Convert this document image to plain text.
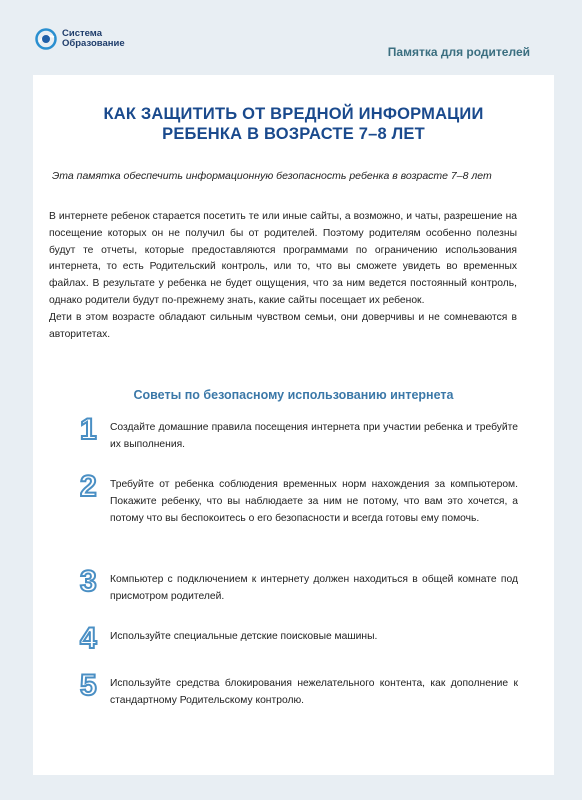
Система
Образование
Памятка для родителей
КАК ЗАЩИТИТЬ ОТ ВРЕДНОЙ ИНФОРМАЦИИ
РЕБЕНКА В ВОЗРАСТЕ 7–8 ЛЕТ
Эта памятка обеспечить информационную безопасность ребенка в возрасте 7–8 лет

В интернете ребенок старается посетить те или иные сайты, а возможно, и чаты, разрешение на посещение которых он не получил бы от родителей. Поэтому родителям особенно полезны будут те отчеты, которые предоставляются программами по ограничению использования интернета, то есть Родительский контроль, или то, что вы сможете увидеть во временных файлах. В результате у ребенка не будет ощущения, что за ним ведется постоянный контроль, однако родители будут по-прежнему знать, какие сайты посещает их ребенок.

Дети в этом возрасте обладают сильным чувством семьи, они доверчивы и не сомневаются в авторитетах.

Советы по безопасному использованию интернета
1	Создайте домашние правила посещения интернета при участии ребенка и требуйте их выполнения.
2	Требуйте от ребенка соблюдения временных норм нахождения за компьютером. Покажите ребенку, что вы наблюдаете за ним не потому, что вам это хочется, а потому что вы беспокоитесь о его безопасности и всегда готовы ему помочь.
3	Компьютер с подключением к интернету должен находиться в общей комнате под присмотром родителей.
4	Используйте специальные детские поисковые машины.
5	Используйте средства блокирования нежелательного контента, как дополнение к стандартному Родительскому контролю.
